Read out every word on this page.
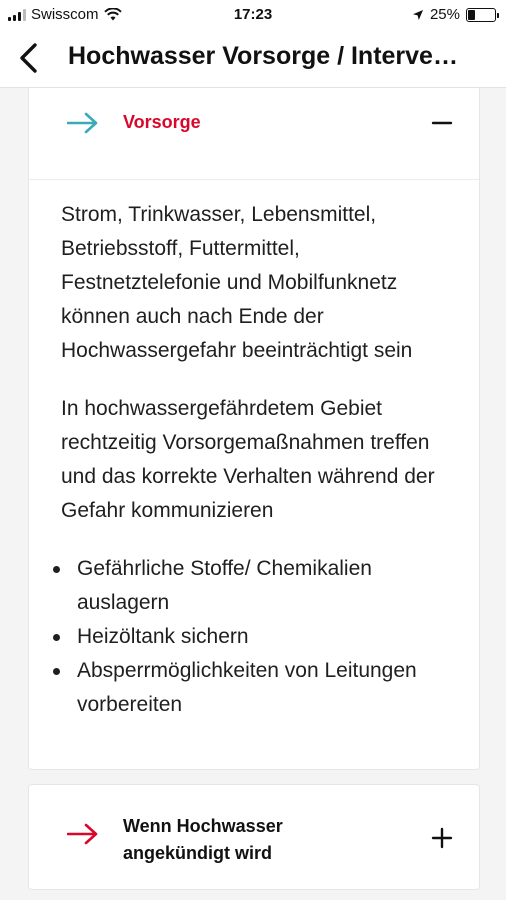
Swisscom	17:23	25%
Hochwasser Vorsorge / Interve…
Vorsorge

Strom, Trinkwasser, Lebensmittel, Betriebsstoff, Futtermittel, Festnetztelefonie und Mobilfunknetz können auch nach Ende der Hochwassergefahr beeinträchtigt sein

In hochwassergefährdetem Gebiet rechtzeitig Vorsorgemaßnahmen treffen und das korrekte Verhalten während der Gefahr kommunizieren

Gefährliche Stoffe/ Chemikalien auslagern
Heizöltank sichern
Absperrmöglichkeiten von Leitungen vorbereiten
Wenn Hochwasser angekündigt wird
